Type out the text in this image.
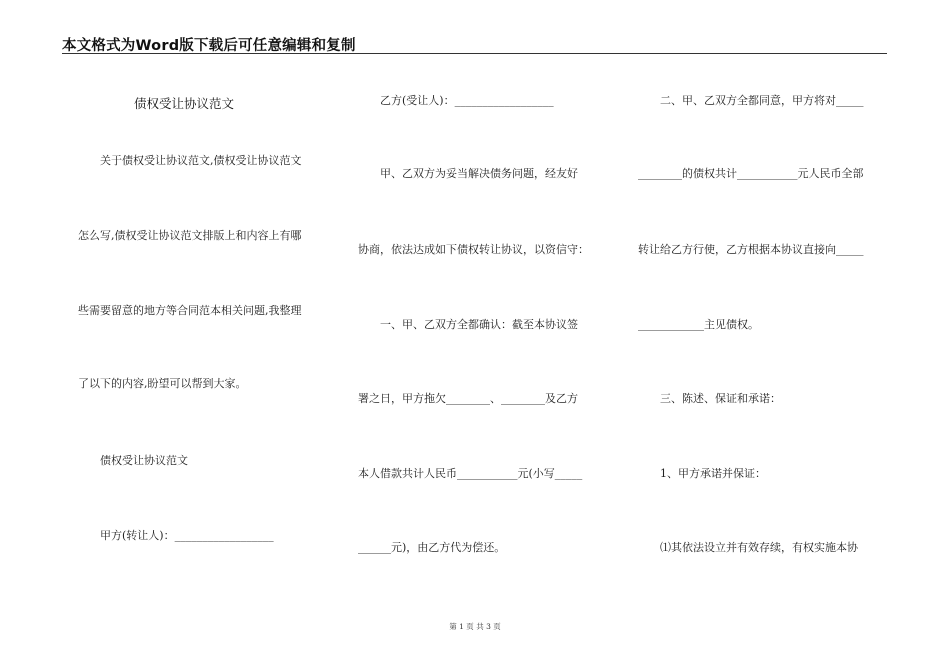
本文格式为Word版下载后可任意编辑和复制
债权受让协议范文
　　关于债权受让协议范文,债权受让协议范文
怎么写,债权受让协议范文排版上和内容上有哪
些需要留意的地方等合同范本相关问题,我整理
了以下的内容,盼望可以帮到大家。
　　债权受让协议范文
　　甲方(转让人)：__________________
　　乙方(受让人)：__________________
　　甲、乙双方为妥当解决债务问题，经友好
协商，依法达成如下债权转让协议，以资信守：
　　一、甲、乙双方全都确认：截至本协议签
署之日，甲方拖欠________、________及乙方
本人借款共计人民币___________元(小写_____
______元)，由乙方代为偿还。
　　二、甲、乙双方全都同意，甲方将对_____
________的债权共计___________元人民币全部
转让给乙方行使，乙方根据本协议直接向_____
____________主见债权。
　　三、陈述、保证和承诺：
　　1、甲方承诺并保证：
　　⑴其依法设立并有效存续，有权实施本协
第 1 页 共 3 页
